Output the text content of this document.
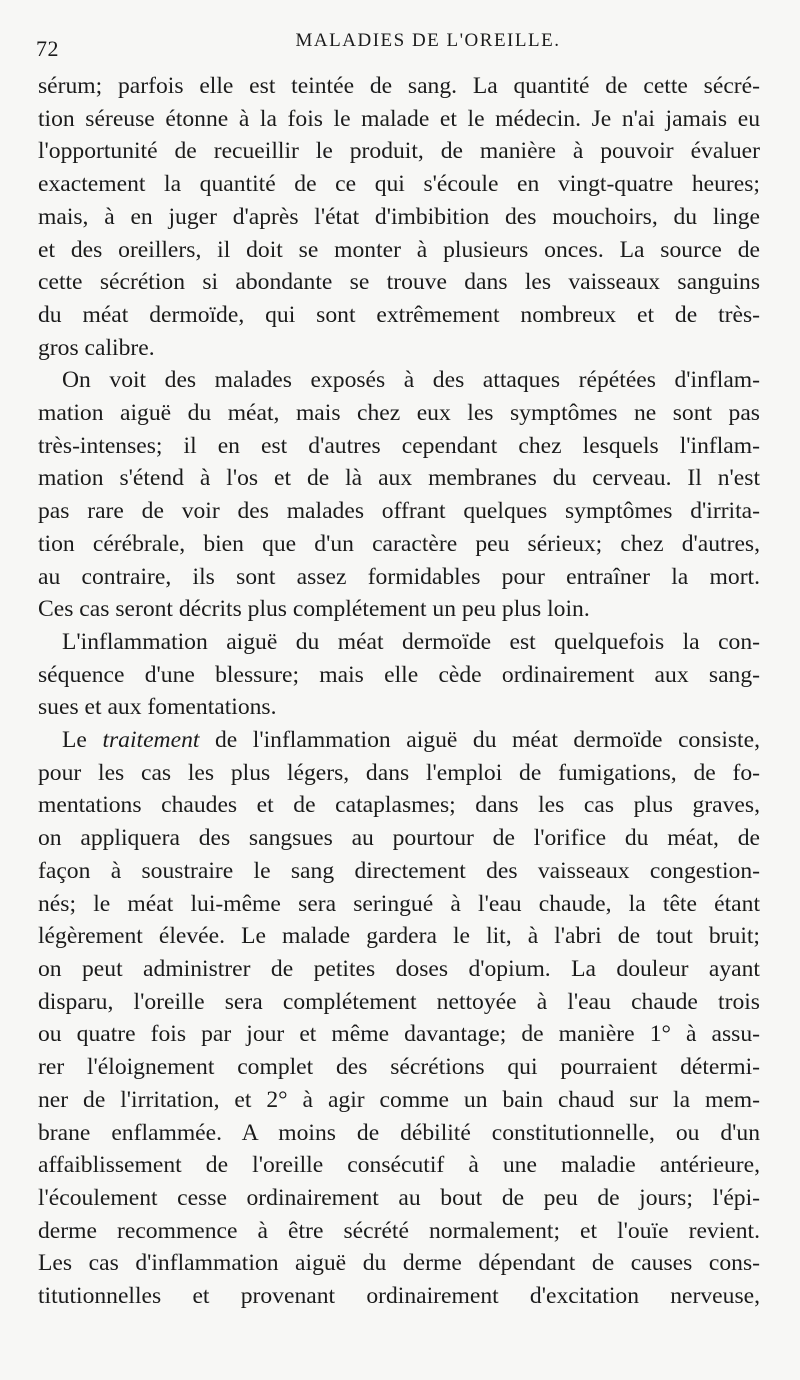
72	MALADIES DE L'OREILLE.

sérum; parfois elle est teintée de sang. La quantité de cette sécré-
tion séreuse étonne à la fois le malade et le médecin. Je n'ai jamais eu
l'opportunité de recueillir le produit, de manière à pouvoir évaluer
exactement la quantité de ce qui s'écoule en vingt-quatre heures;
mais, à en juger d'après l'état d'imbibition des mouchoirs, du linge
et des oreillers, il doit se monter à plusieurs onces. La source de
cette sécrétion si abondante se trouve dans les vaisseaux sanguins
du méat dermoïde, qui sont extrêmement nombreux et de très-
gros calibre.

On voit des malades exposés à des attaques répétées d'inflam-
mation aiguë du méat, mais chez eux les symptômes ne sont pas
très-intenses; il en est d'autres cependant chez lesquels l'inflam-
mation s'étend à l'os et de là aux membranes du cerveau. Il n'est
pas rare de voir des malades offrant quelques symptômes d'irrita-
tion cérébrale, bien que d'un caractère peu sérieux; chez d'autres,
au contraire, ils sont assez formidables pour entraîner la mort.
Ces cas seront décrits plus complétement un peu plus loin.

L'inflammation aiguë du méat dermoïde est quelquefois la con-
séquence d'une blessure; mais elle cède ordinairement aux sang-
sues et aux fomentations.

Le traitement de l'inflammation aiguë du méat dermoïde consiste,
pour les cas les plus légers, dans l'emploi de fumigations, de fo-
mentations chaudes et de cataplasmes; dans les cas plus graves,
on appliquera des sangsues au pourtour de l'orifice du méat, de
façon à soustraire le sang directement des vaisseaux congestion-
nés; le méat lui-même sera seringué à l'eau chaude, la tête étant
légèrement élevée. Le malade gardera le lit, à l'abri de tout bruit;
on peut administrer de petites doses d'opium. La douleur ayant
disparu, l'oreille sera complétement nettoyée à l'eau chaude trois
ou quatre fois par jour et même davantage; de manière 1° à assu-
rer l'éloignement complet des sécrétions qui pourraient détermi-
ner de l'irritation, et 2° à agir comme un bain chaud sur la mem-
brane enflammée. A moins de débilité constitutionnelle, ou d'un
affaiblissement de l'oreille consécutif à une maladie antérieure,
l'écoulement cesse ordinairement au bout de peu de jours; l'épi-
derme recommence à être sécrété normalement; et l'ouïe revient.
Les cas d'inflammation aiguë du derme dépendant de causes cons-
titutionnelles et provenant ordinairement d'excitation nerveuse,
